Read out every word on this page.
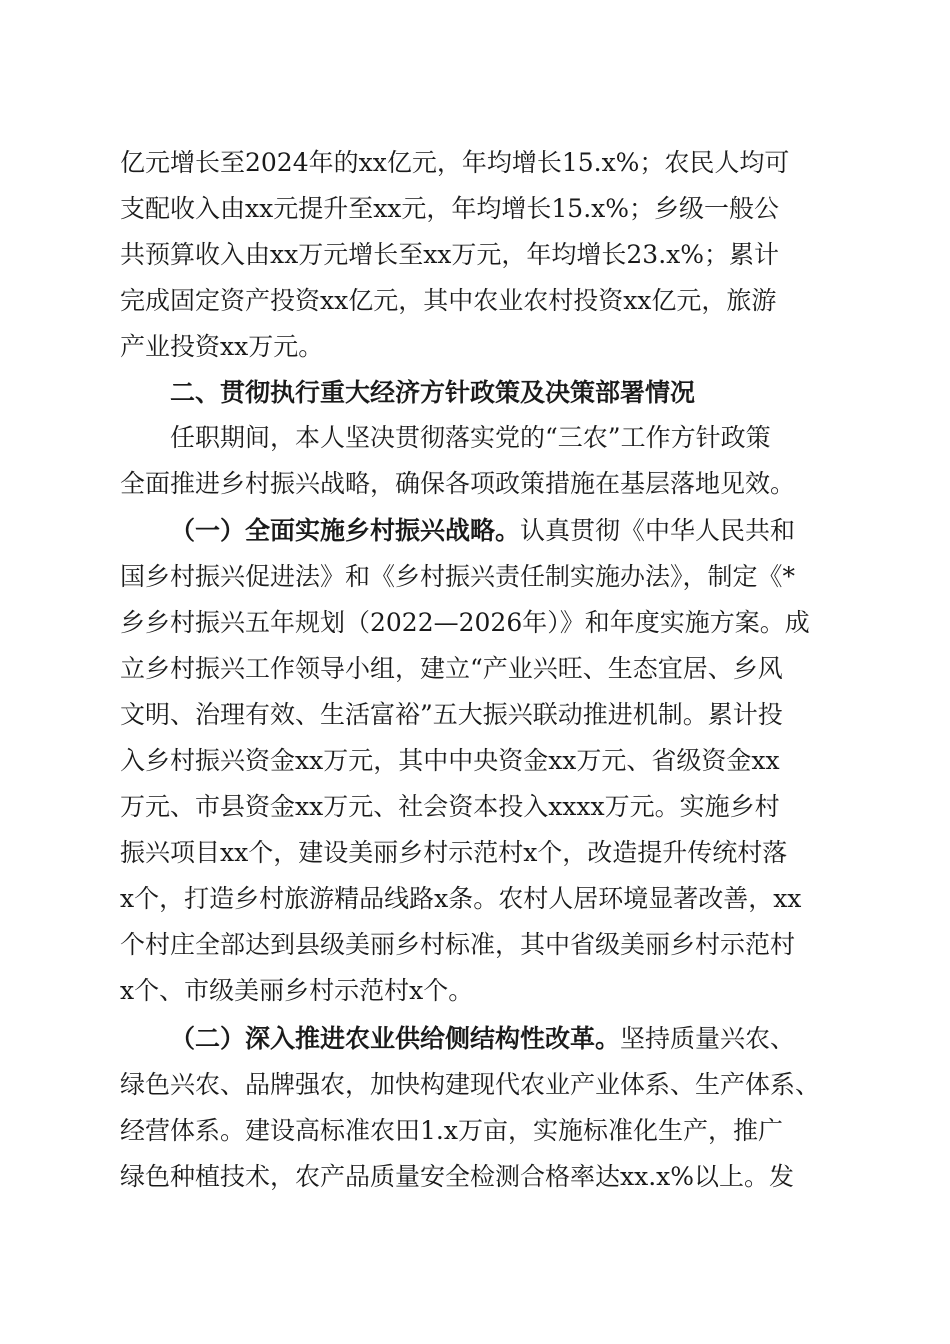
亿元增长至2024年的xx亿元，年均增长15.x%；农民人均可
支配收入由xx元提升至xx元，年均增长15.x%；乡级一般公
共预算收入由xx万元增长至xx万元，年均增长23.x%；累计
完成固定资产投资xx亿元，其中农业农村投资xx亿元，旅游
产业投资xx万元。
二、贯彻执行重大经济方针政策及决策部署情况
任职期间，本人坚决贯彻落实党的“三农”工作方针政策
全面推进乡村振兴战略，确保各项政策措施在基层落地见效。
（一）全面实施乡村振兴战略。认真贯彻《中华人民共和
国乡村振兴促进法》和《乡村振兴责任制实施办法》，制定《*
乡乡村振兴五年规划（2022—2026年）》和年度实施方案。成
立乡村振兴工作领导小组，建立“产业兴旺、生态宜居、乡风
文明、治理有效、生活富裕”五大振兴联动推进机制。累计投
入乡村振兴资金xx万元，其中中央资金xx万元、省级资金xx
万元、市县资金xx万元、社会资本投入xxxx万元。实施乡村
振兴项目xx个，建设美丽乡村示范村x个，改造提升传统村落
x个，打造乡村旅游精品线路x条。农村人居环境显著改善，xx
个村庄全部达到县级美丽乡村标准，其中省级美丽乡村示范村
x个、市级美丽乡村示范村x个。
（二）深入推进农业供给侧结构性改革。坚持质量兴农、
绿色兴农、品牌强农，加快构建现代农业产业体系、生产体系、
经营体系。建设高标准农田1.x万亩，实施标准化生产，推广
绿色种植技术，农产品质量安全检测合格率达xx.x%以上。发
